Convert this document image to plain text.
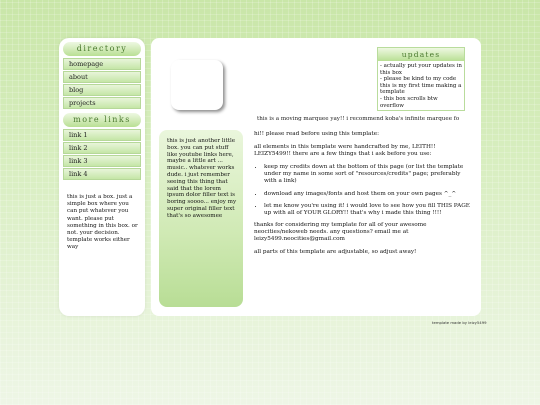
directory
homepage
about
blog
projects
more links
link 1
link 2
link 3
link 4
this is just a box. just a simple box where you can put whatever you want. please put something in this box. or not. your decision. template works either way
updates
- actually put your updates in this box
- please be kind to my code this is my first time making a template
- this box scrolls btw overflow
this is a moving marquee yay!! i recommend koba's infinite marquee fo
this is just another little box. you can put stuff like youtube links here, maybe a little art ... music.. whatever works dude. i just remember seeing this thing that said that the lorem ipsum dolor filler text is boring soooo... enjoy my super original filler text that's so awesomee

hi!! please read before using this template:

all elements in this template were handcrafted by me, LEITH!! LEIZY5499!! there are a few things that i ask before you use:

• keep my credits down at the bottom of this page (or list the template under my name in some sort of "resources/credits" page; preferably with a link)
• download any images/fonts and host them on your own pages ^_^
• let me know you're using it! i would love to see how you fill THIS PAGE up with all of YOUR GLORY!! that's why i made this thing !!!!

thanks for considering my template for all of your awesome neocities/nekoweb needs. any questions? email me at leizy5499.neocities@gmail.com

all parts of this template are adjustable, so adjust away!

template made by leizy5499
